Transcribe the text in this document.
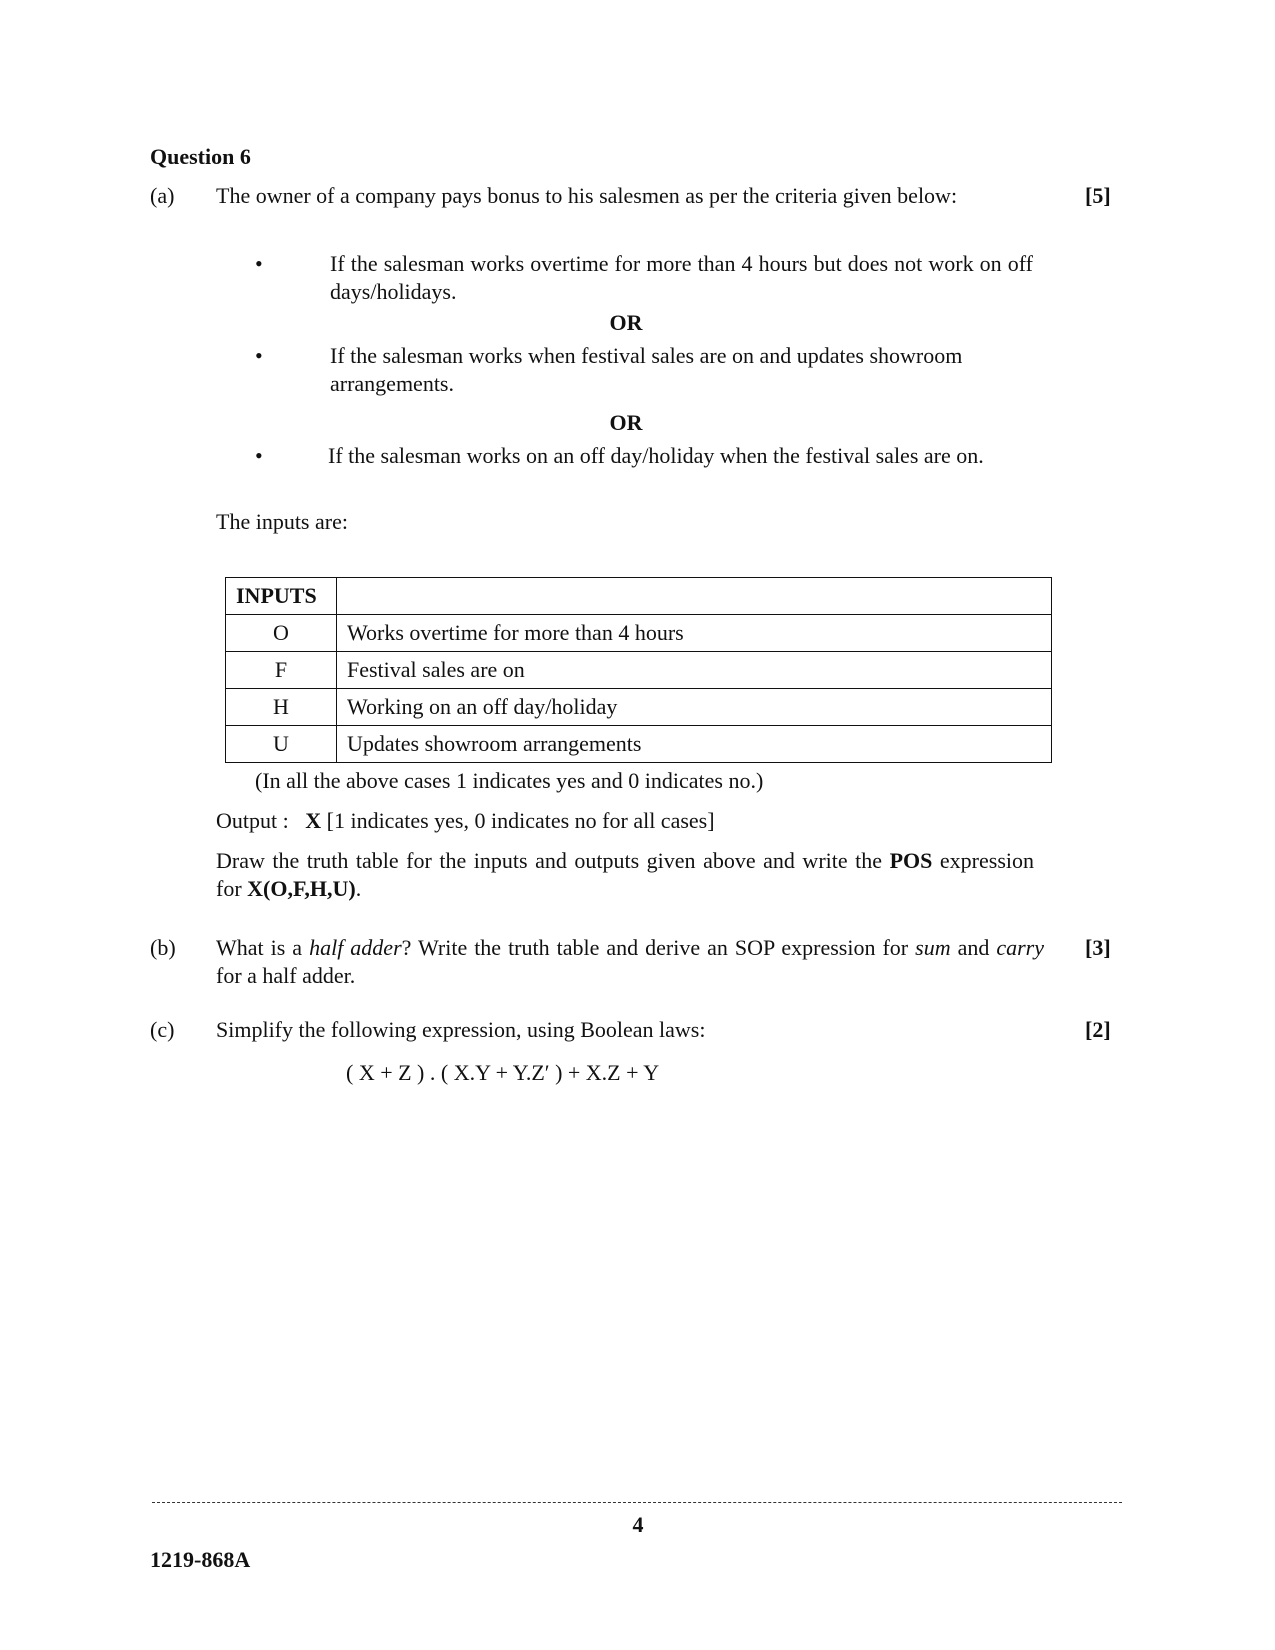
Question 6

(a) The owner of a company pays bonus to his salesmen as per the criteria given below:	[5]

•	If the salesman works overtime for more than 4 hours but does not work on off days/holidays.

OR

•	If the salesman works when festival sales are on and updates showroom arrangements.

OR

•	If the salesman works on an off day/holiday when the festival sales are on.

The inputs are:

INPUTS	
O	Works overtime for more than 4 hours
F	Festival sales are on
H	Working on an off day/holiday
U	Updates showroom arrangements

(In all the above cases 1 indicates yes and 0 indicates no.)

Output : X [1 indicates yes, 0 indicates no for all cases]

Draw the truth table for the inputs and outputs given above and write the POS expression for X(O,F,H,U).

(b) What is a half adder? Write the truth table and derive an SOP expression for sum and carry for a half adder.

[3]

(c) Simplify the following expression, using Boolean laws:	[2]

( X + Z ) . ( X.Y + Y.Z′ ) + X.Z + Y

4

1219-868A
